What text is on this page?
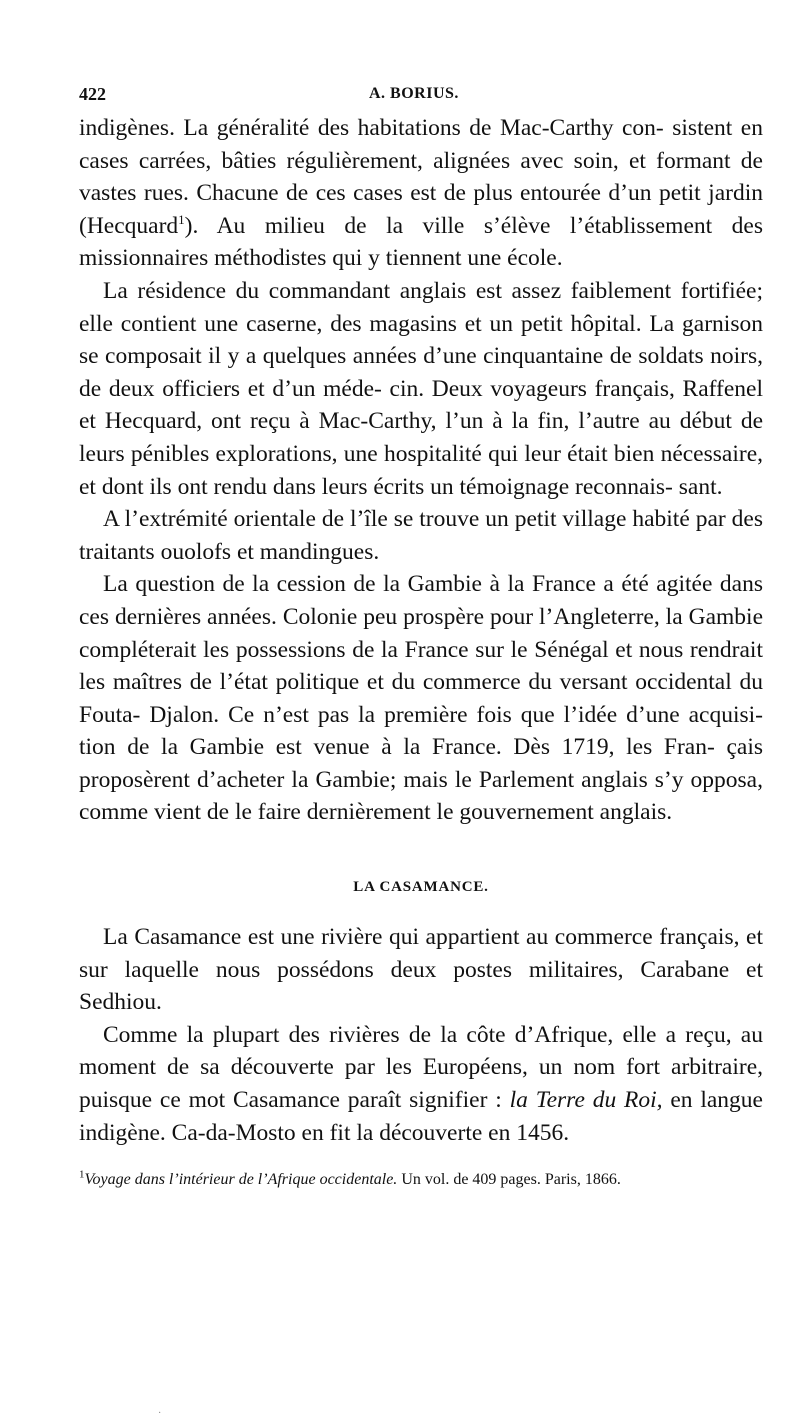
422	A. BORIUS.

indigènes. La généralité des habitations de Mac-Carthy con- sistent en cases carrées, bâties régulièrement, alignées avec soin, et formant de vastes rues. Chacune de ces cases est de plus entourée d’un petit jardin (Hecquard$^1$). Au milieu de la ville s’élève l’établissement des missionnaires méthodistes qui y tiennent une école.

La résidence du commandant anglais est assez faiblement fortifiée; elle contient une caserne, des magasins et un petit hôpital. La garnison se composait il y a quelques années d’une cinquantaine de soldats noirs, de deux officiers et d’un méde- cin. Deux voyageurs français, Raffenel et Hecquard, ont reçu à Mac-Carthy, l’un à la fin, l’autre au début de leurs pénibles explorations, une hospitalité qui leur était bien nécessaire, et dont ils ont rendu dans leurs écrits un témoignage reconnais- sant.

A l’extrémité orientale de l’île se trouve un petit village habité par des traitants ouolofs et mandingues.

La question de la cession de la Gambie à la France a été agitée dans ces dernières années. Colonie peu prospère pour l’Angleterre, la Gambie compléterait les possessions de la France sur le Sénégal et nous rendrait les maîtres de l’état politique et du commerce du versant occidental du Fouta- Djalon. Ce n’est pas la première fois que l’idée d’une acquisi- tion de la Gambie est venue à la France. Dès 1719, les Fran- çais proposèrent d’acheter la Gambie; mais le Parlement anglais s’y opposa, comme vient de le faire dernièrement le gouvernement anglais.

LA CASAMANCE.

La Casamance est une rivière qui appartient au commerce français, et sur laquelle nous possédons deux postes militaires, Carabane et Sedhiou.

Comme la plupart des rivières de la côte d’Afrique, elle a reçu, au moment de sa découverte par les Européens, un nom fort arbitraire, puisque ce mot Casamance paraît signifier : la Terre du Roi, en langue indigène. Ca-da-Mosto en fit la découverte en 1456.

$^1$Voyage dans l’intérieur de l’Afrique occidentale. Un vol. de 409 pages. Paris, 1866.
·
